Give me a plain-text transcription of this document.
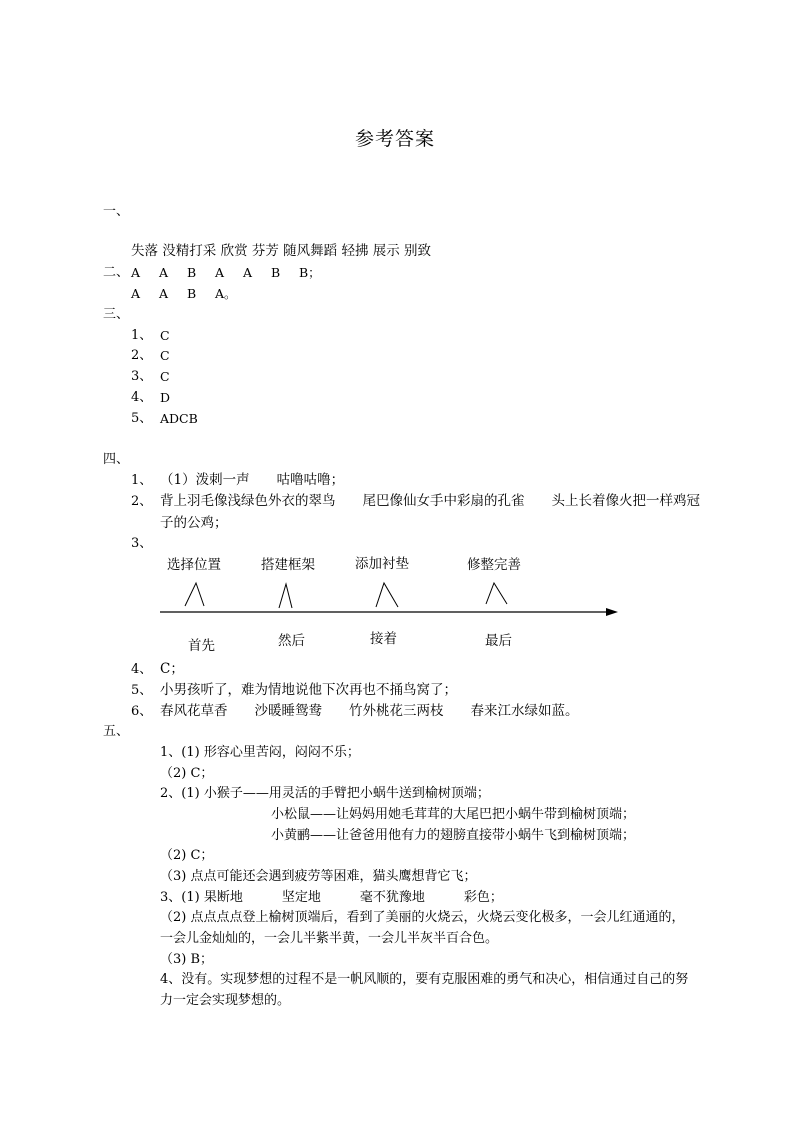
参考答案
一、
失落 没精打采 欣赏 芬芳 随风舞蹈 轻拂 展示 别致
二、 A A B A A B B；
A A B A。
三、
1、 C
2、 C
3、 C
4、 D
5、 ADCB
四、
1、 （1）泼刺一声　　咕噜咕噜；
2、 背上羽毛像浅绿色外衣的翠鸟　　尾巴像仙女手中彩扇的孔雀　　头上长着像火把一样鸡冠
子的公鸡；
3、
选择位置	搭建框架	添加衬垫	修整完善
首先	然后	接着	最后
4、 C；
5、 小男孩听了，难为情地说他下次再也不捅鸟窝了；
6、 春风花草香　　沙暖睡鸳鸯　　竹外桃花三两枝　　春来江水绿如蓝。
五、
1、(1) 形容心里苦闷，闷闷不乐；
（2) C；
2、(1) 小猴子——用灵活的手臂把小蜗牛送到榆树顶端；
小松鼠——让妈妈用她毛茸茸的大尾巴把小蜗牛带到榆树顶端；
小黄鹂——让爸爸用他有力的翅膀直接带小蜗牛飞到榆树顶端；
（2) C；
（3) 点点可能还会遇到疲劳等困难，猫头鹰想背它飞；
3、(1) 果断地　　　坚定地　　　毫不犹豫地　　　彩色；
（2) 点点点点登上榆树顶端后，看到了美丽的火烧云，火烧云变化极多，一会儿红通通的，
一会儿金灿灿的，一会儿半紫半黄，一会儿半灰半百合色。
（3) B；
4、没有。实现梦想的过程不是一帆风顺的，要有克服困难的勇气和决心，相信通过自己的努
力一定会实现梦想的。
